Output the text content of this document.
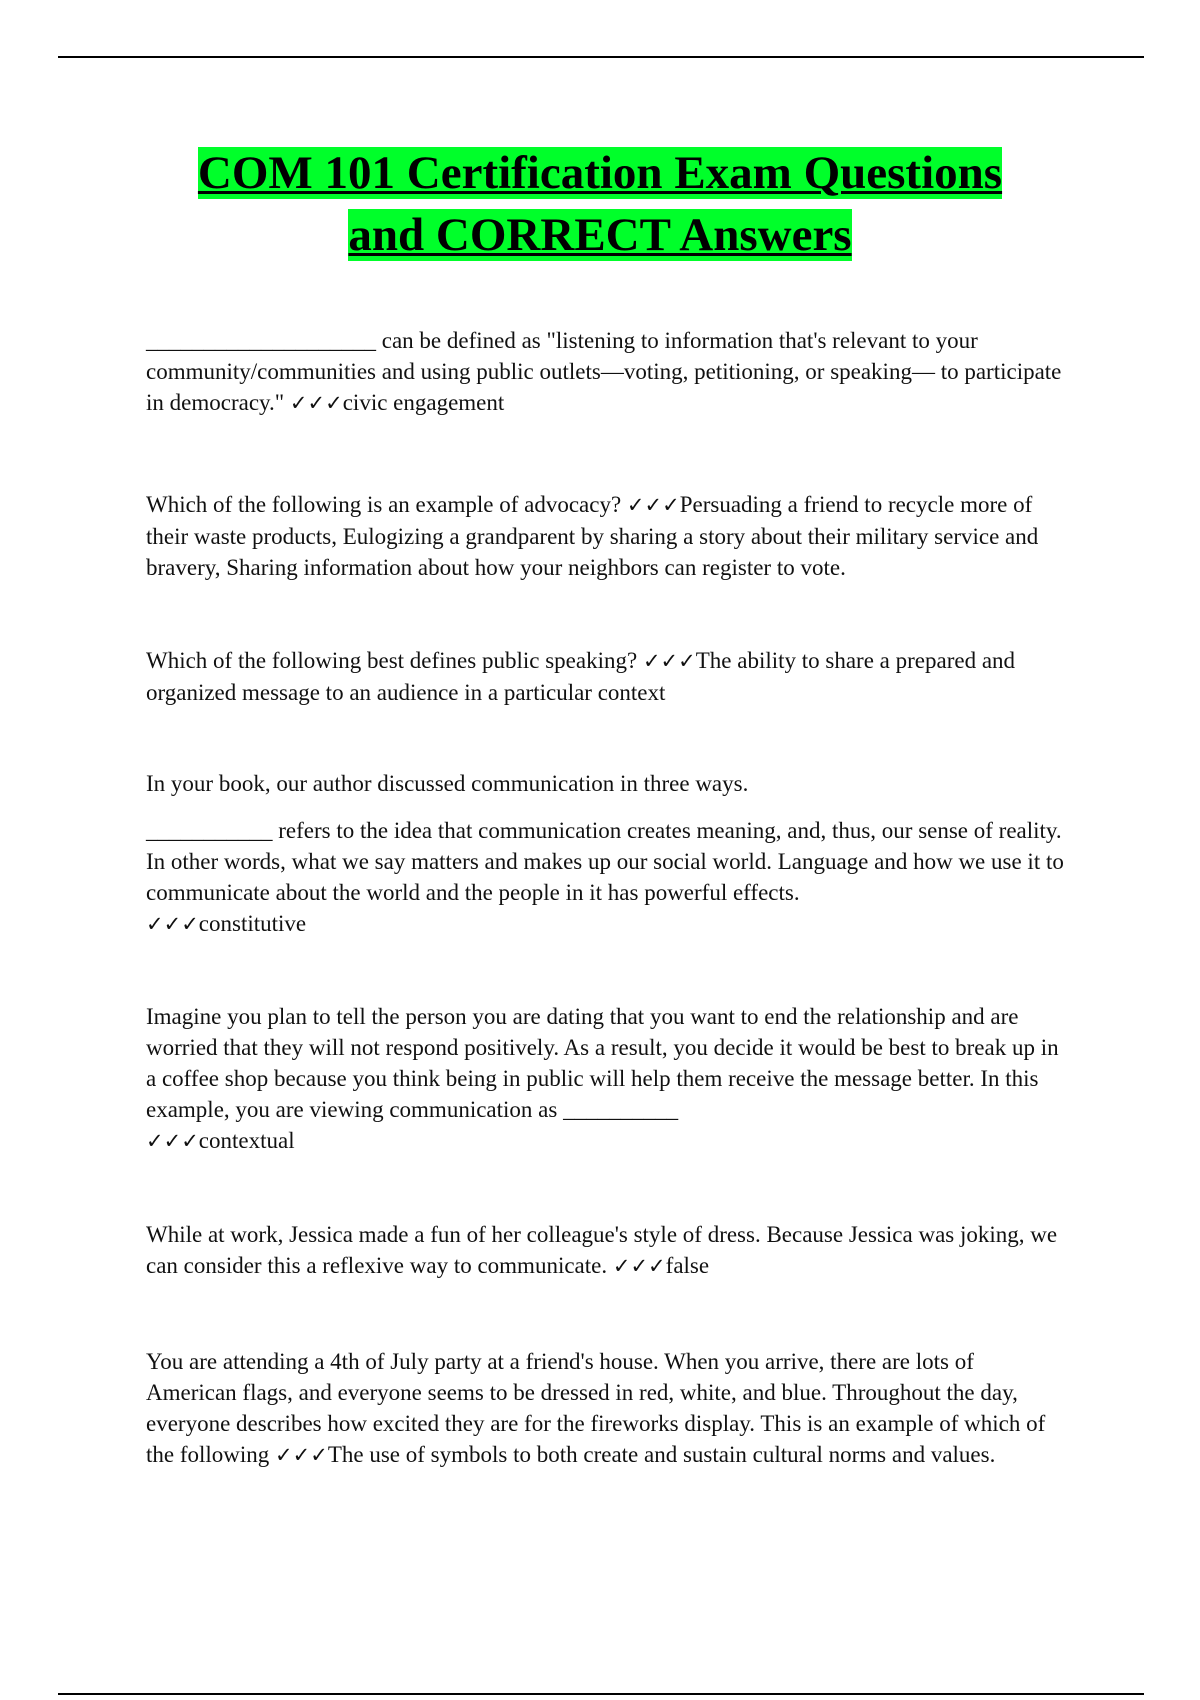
COM 101 Certification Exam Questions
and CORRECT Answers
____________________ can be defined as "listening to information that's relevant to your community/communities and using public outlets—voting, petitioning, or speaking— to participate in democracy." ✓✓✓civic engagement
Which of the following is an example of advocacy? ✓✓✓Persuading a friend to recycle more of their waste products, Eulogizing a grandparent by sharing a story about their military service and bravery, Sharing information about how your neighbors can register to vote.
Which of the following best defines public speaking? ✓✓✓The ability to share a prepared and organized message to an audience in a particular context
In your book, our author discussed communication in three ways.
___________ refers to the idea that communication creates meaning, and, thus, our sense of reality. In other words, what we say matters and makes up our social world. Language and how we use it to communicate about the world and the people in it has powerful effects.
✓✓✓constitutive
Imagine you plan to tell the person you are dating that you want to end the relationship and are worried that they will not respond positively. As a result, you decide it would be best to break up in a coffee shop because you think being in public will help them receive the message better. In this example, you are viewing communication as __________
✓✓✓contextual
While at work, Jessica made a fun of her colleague's style of dress. Because Jessica was joking, we can consider this a reflexive way to communicate. ✓✓✓false
You are attending a 4th of July party at a friend's house. When you arrive, there are lots of American flags, and everyone seems to be dressed in red, white, and blue. Throughout the day, everyone describes how excited they are for the fireworks display. This is an example of which of the following ✓✓✓The use of symbols to both create and sustain cultural norms and values.
